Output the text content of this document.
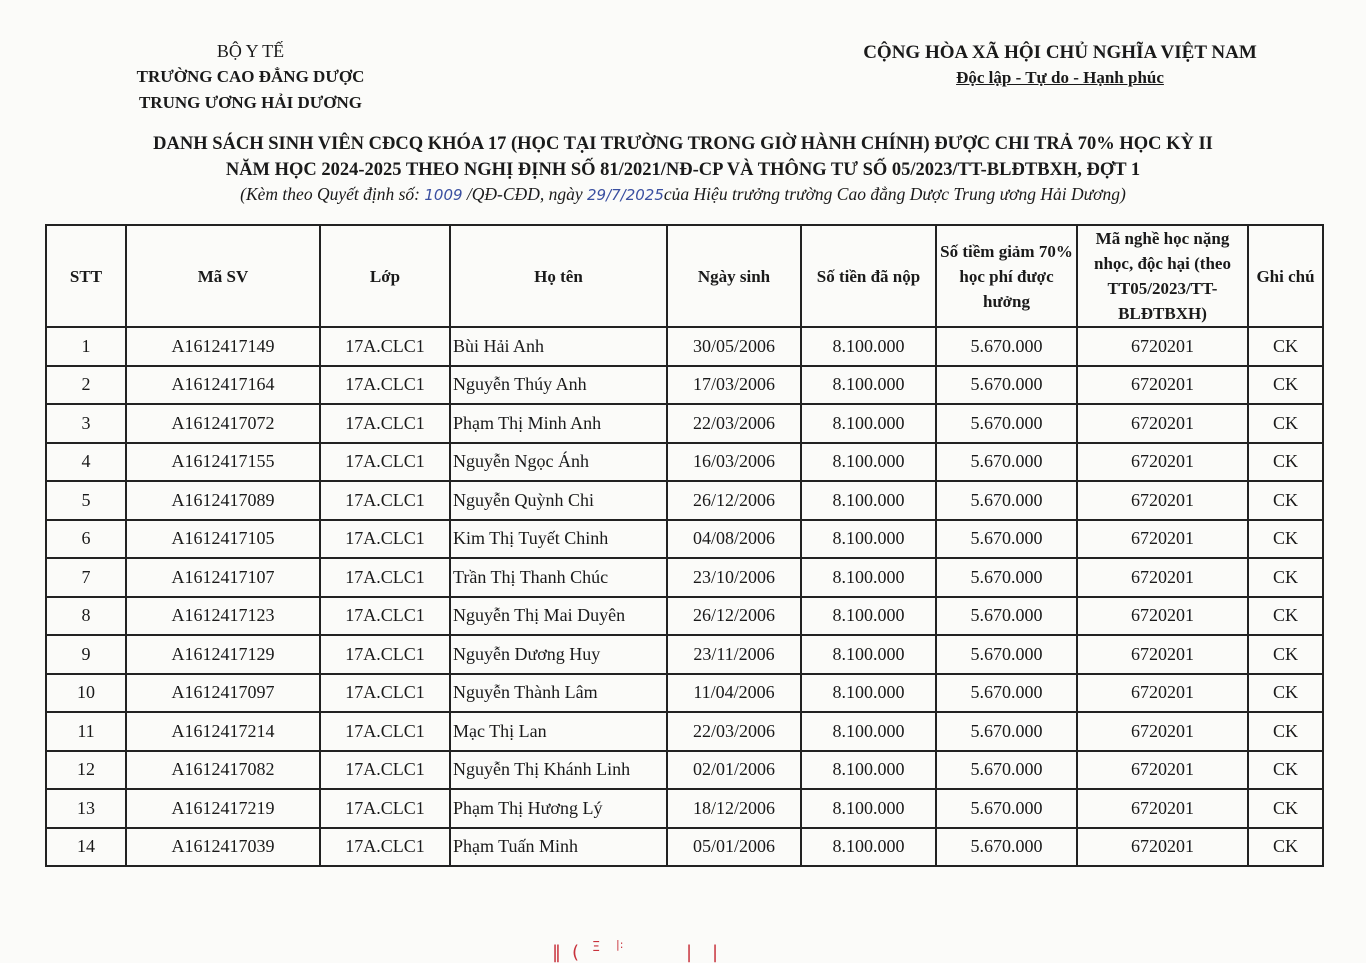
BỘ Y TẾ
TRƯỜNG CAO ĐẲNG DƯỢC
TRUNG ƯƠNG HẢI DƯƠNG
CỘNG HÒA XÃ HỘI CHỦ NGHĨA VIỆT NAM
Độc lập - Tự do - Hạnh phúc
DANH SÁCH SINH VIÊN CĐCQ KHÓA 17 (HỌC TẠI TRƯỜNG TRONG GIỜ HÀNH CHÍNH) ĐƯỢC CHI TRẢ 70% HỌC KỲ II
NĂM HỌC 2024-2025 THEO NGHỊ ĐỊNH SỐ 81/2021/NĐ-CP VÀ THÔNG TƯ SỐ 05/2023/TT-BLĐTBXH, ĐỢT 1
(Kèm theo Quyết định số: 1009 /QĐ-CĐD, ngày 29/7/2025của Hiệu trưởng trường Cao đẳng Dược Trung ương Hải Dương)
STT	Mã SV	Lớp	Họ tên	Ngày sinh	Số tiền đã nộp	Số tiềm giảm 70% học phí được hưởng	Mã nghề học nặng nhọc, độc hại (theo TT05/2023/TT-BLĐTBXH)	Ghi chú
1	A1612417149	17A.CLC1	Bùi Hải Anh	30/05/2006	8.100.000	5.670.000	6720201	CK
2	A1612417164	17A.CLC1	Nguyễn Thúy Anh	17/03/2006	8.100.000	5.670.000	6720201	CK
3	A1612417072	17A.CLC1	Phạm Thị Minh Anh	22/03/2006	8.100.000	5.670.000	6720201	CK
4	A1612417155	17A.CLC1	Nguyễn Ngọc Ánh	16/03/2006	8.100.000	5.670.000	6720201	CK
5	A1612417089	17A.CLC1	Nguyễn Quỳnh Chi	26/12/2006	8.100.000	5.670.000	6720201	CK
6	A1612417105	17A.CLC1	Kim Thị Tuyết Chinh	04/08/2006	8.100.000	5.670.000	6720201	CK
7	A1612417107	17A.CLC1	Trần Thị Thanh Chúc	23/10/2006	8.100.000	5.670.000	6720201	CK
8	A1612417123	17A.CLC1	Nguyễn Thị Mai Duyên	26/12/2006	8.100.000	5.670.000	6720201	CK
9	A1612417129	17A.CLC1	Nguyễn Dương Huy	23/11/2006	8.100.000	5.670.000	6720201	CK
10	A1612417097	17A.CLC1	Nguyễn Thành Lâm	11/04/2006	8.100.000	5.670.000	6720201	CK
11	A1612417214	17A.CLC1	Mạc Thị Lan	22/03/2006	8.100.000	5.670.000	6720201	CK
12	A1612417082	17A.CLC1	Nguyễn Thị Khánh Linh	02/01/2006	8.100.000	5.670.000	6720201	CK
13	A1612417219	17A.CLC1	Phạm Thị Hương Lý	18/12/2006	8.100.000	5.670.000	6720201	CK
14	A1612417039	17A.CLC1	Phạm Tuấn Minh	05/01/2006	8.100.000	5.670.000	6720201	CK
‖ ( Ξ |:	| |
